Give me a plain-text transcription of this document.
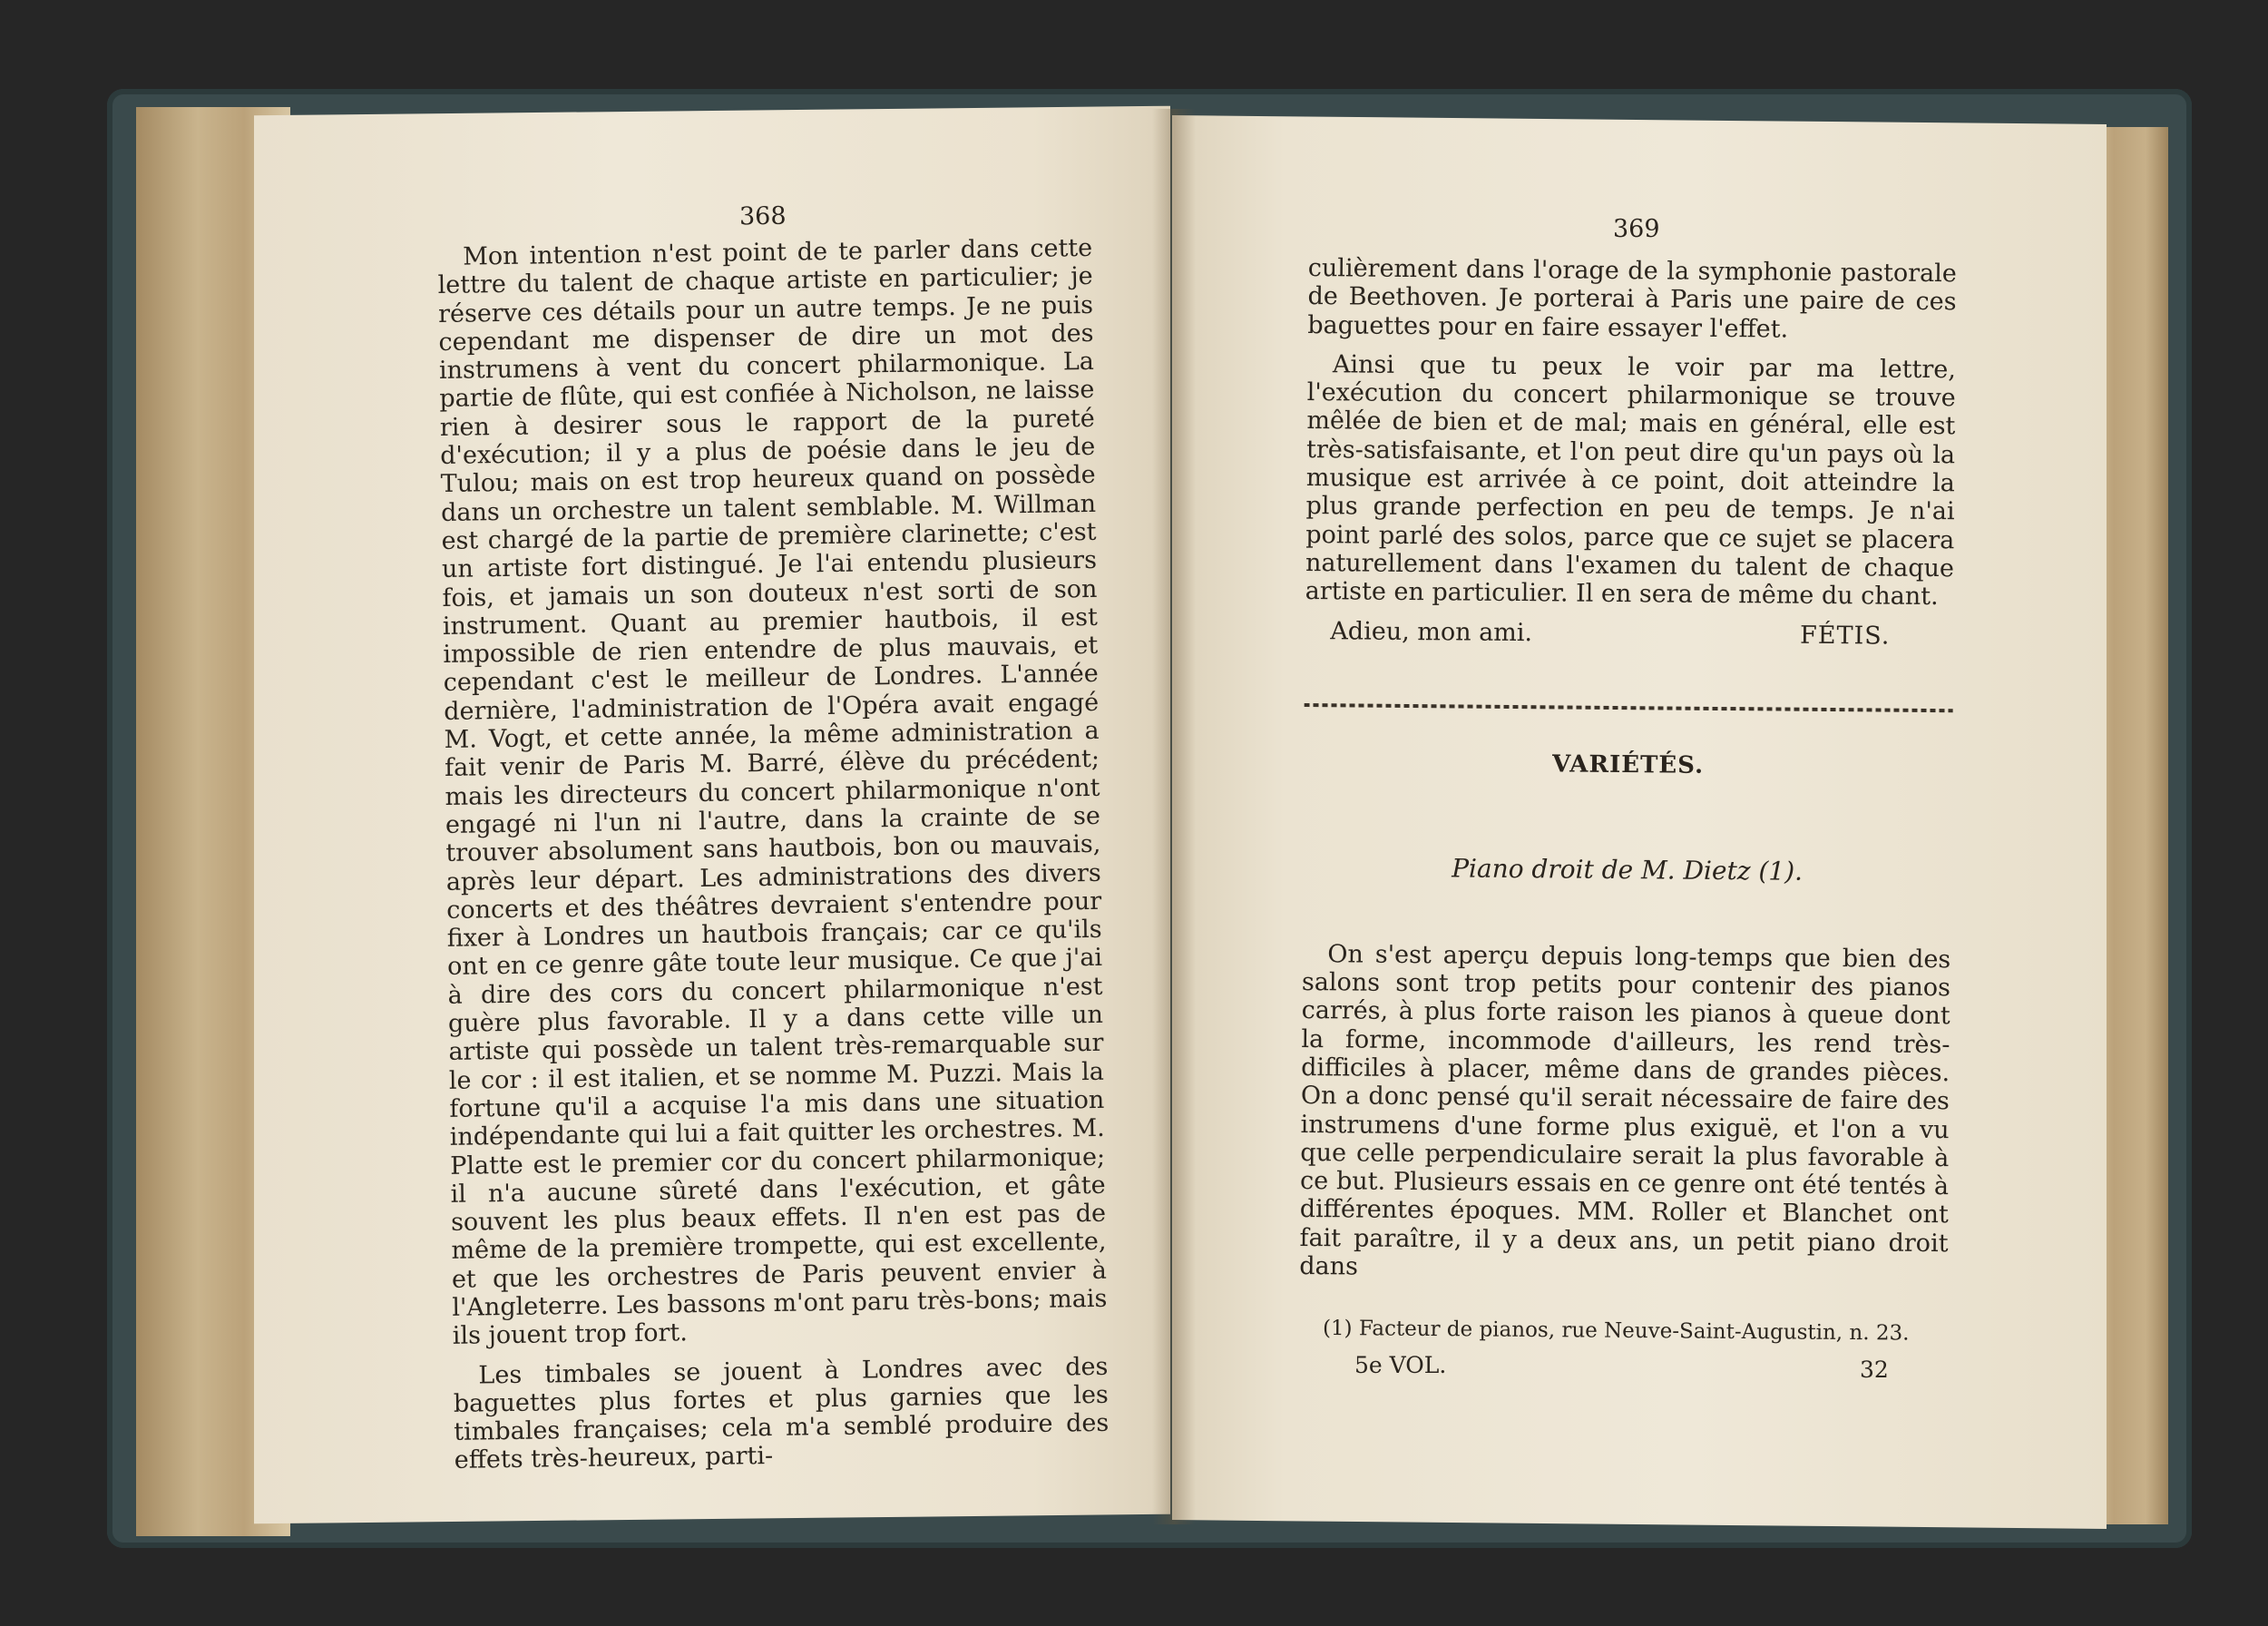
368	369

Mon intention n'est point de te parler dans cette lettre du talent de chaque artiste en particulier; je réserve ces détails pour un autre temps. Je ne puis cependant me dispenser de dire un mot des instrumens à vent du concert philarmonique. La partie de flûte, qui est confiée à Nicholson, ne laisse rien à desirer sous le rapport de la pureté d'exécution; il y a plus de poésie dans le jeu de Tulou; mais on est trop heureux quand on possède dans un orchestre un talent semblable. M. Willman est chargé de la partie de première clarinette; c'est un artiste fort distingué. Je l'ai entendu plusieurs fois, et jamais un son douteux n'est sorti de son instrument. Quant au premier hautbois, il est impossible de rien entendre de plus mauvais, et cependant c'est le meilleur de Londres. L'année dernière, l'administration de l'Opéra avait engagé M. Vogt, et cette année, la même administration a fait venir de Paris M. Barré, élève du précédent; mais les directeurs du concert philarmonique n'ont engagé ni l'un ni l'autre, dans la crainte de se trouver absolument sans hautbois, bon ou mauvais, après leur départ. Les administrations des divers concerts et des théâtres devraient s'entendre pour fixer à Londres un hautbois français; car ce qu'ils ont en ce genre gâte toute leur musique. Ce que j'ai à dire des cors du concert philarmonique n'est guère plus favorable. Il y a dans cette ville un artiste qui possède un talent très-remarquable sur le cor : il est italien, et se nomme M. Puzzi. Mais la fortune qu'il a acquise l'a mis dans une situation indépendante qui lui a fait quitter les orchestres. M. Platte est le premier cor du concert philarmonique; il n'a aucune sûreté dans l'exécution, et gâte souvent les plus beaux effets. Il n'en est pas de même de la première trompette, qui est excellente, et que les orchestres de Paris peuvent envier à l'Angleterre. Les bassons m'ont paru très-bons; mais ils jouent trop fort.

Les timbales se jouent à Londres avec des baguettes plus fortes et plus garnies que les timbales françaises; cela m'a semblé produire des effets très-heureux, parti-

culièrement dans l'orage de la symphonie pastorale de Beethoven. Je porterai à Paris une paire de ces baguettes pour en faire essayer l'effet.

Ainsi que tu peux le voir par ma lettre, l'exécution du concert philarmonique se trouve mêlée de bien et de mal; mais en général, elle est très-satisfaisante, et l'on peut dire qu'un pays où la musique est arrivée à ce point, doit atteindre la plus grande perfection en peu de temps. Je n'ai point parlé des solos, parce que ce sujet se placera naturellement dans l'examen du talent de chaque artiste en particulier. Il en sera de même du chant.

Adieu, mon ami.	FÉTIS.

VARIÉTÉS.

Piano droit de M. Dietz (1).

On s'est aperçu depuis long-temps que bien des salons sont trop petits pour contenir des pianos carrés, à plus forte raison les pianos à queue dont la forme, incommode d'ailleurs, les rend très-difficiles à placer, même dans de grandes pièces. On a donc pensé qu'il serait nécessaire de faire des instrumens d'une forme plus exiguë, et l'on a vu que celle perpendiculaire serait la plus favorable à ce but. Plusieurs essais en ce genre ont été tentés à différentes époques. MM. Roller et Blanchet ont fait paraître, il y a deux ans, un petit piano droit dans

(1) Facteur de pianos, rue Neuve-Saint-Augustin, n. 23.
5e VOL.	32
